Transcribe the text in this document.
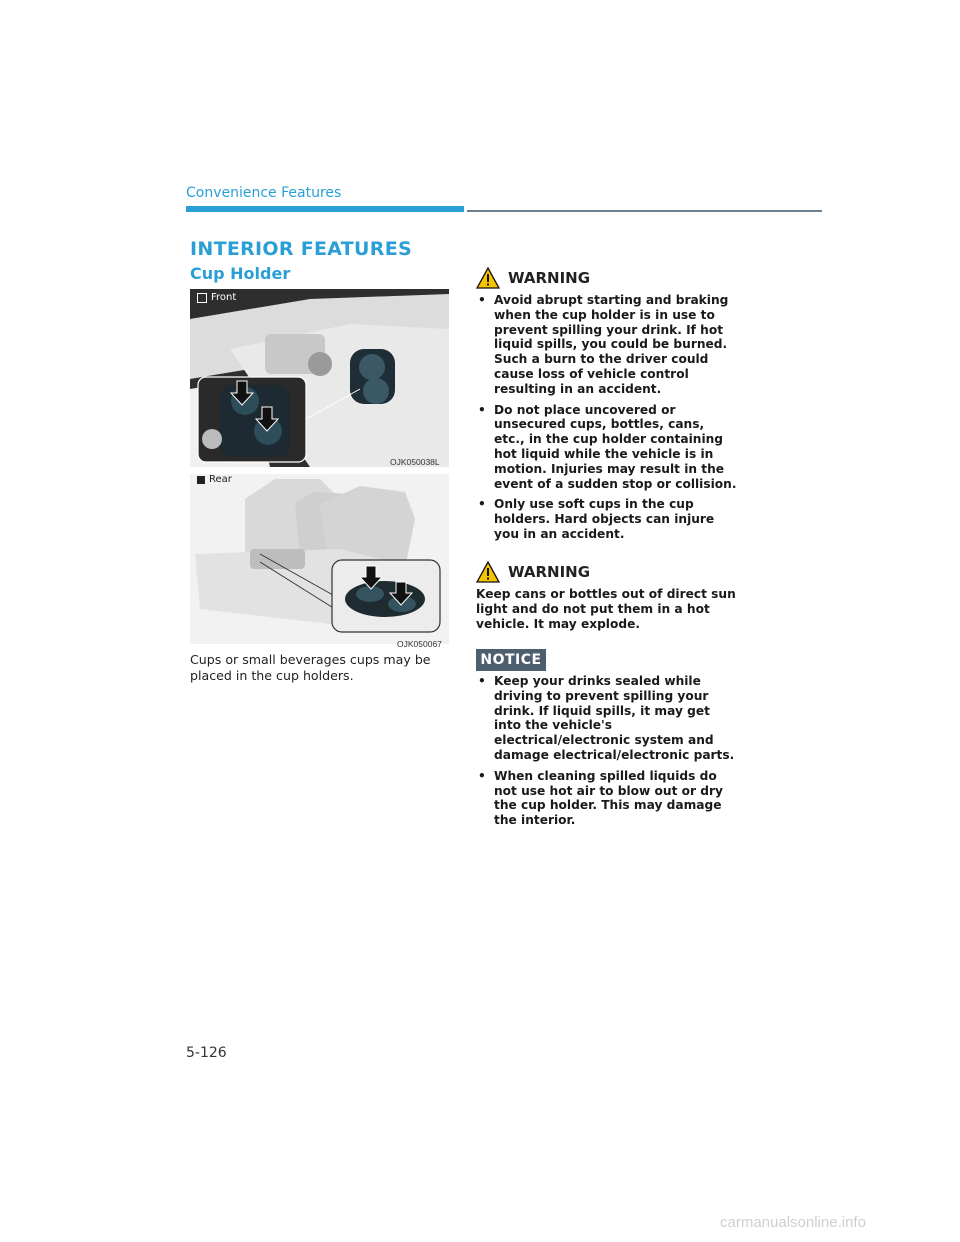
Convenience Features
INTERIOR FEATURES
Cup Holder
Front
OJK050038L
Rear
OJK050067
Cups or small beverages cups may be placed in the cup holders.
WARNING
• Avoid abrupt starting and braking when the cup holder is in use to prevent spilling your drink. If hot liquid spills, you could be burned. Such a burn to the driver could cause loss of vehicle control resulting in an accident.
• Do not place uncovered or unsecured cups, bottles, cans, etc., in the cup holder containing hot liquid while the vehicle is in motion. Injuries may result in the event of a sudden stop or collision.
• Only use soft cups in the cup holders. Hard objects can injure you in an accident.
WARNING
Keep cans or bottles out of direct sun light and do not put them in a hot vehicle. It may explode.
NOTICE
• Keep your drinks sealed while driving to prevent spilling your drink. If liquid spills, it may get into the vehicle's electrical/electronic system and damage electrical/electronic parts.
• When cleaning spilled liquids do not use hot air to blow out or dry the cup holder. This may damage the interior.
5-126
carmanualsonline.info
